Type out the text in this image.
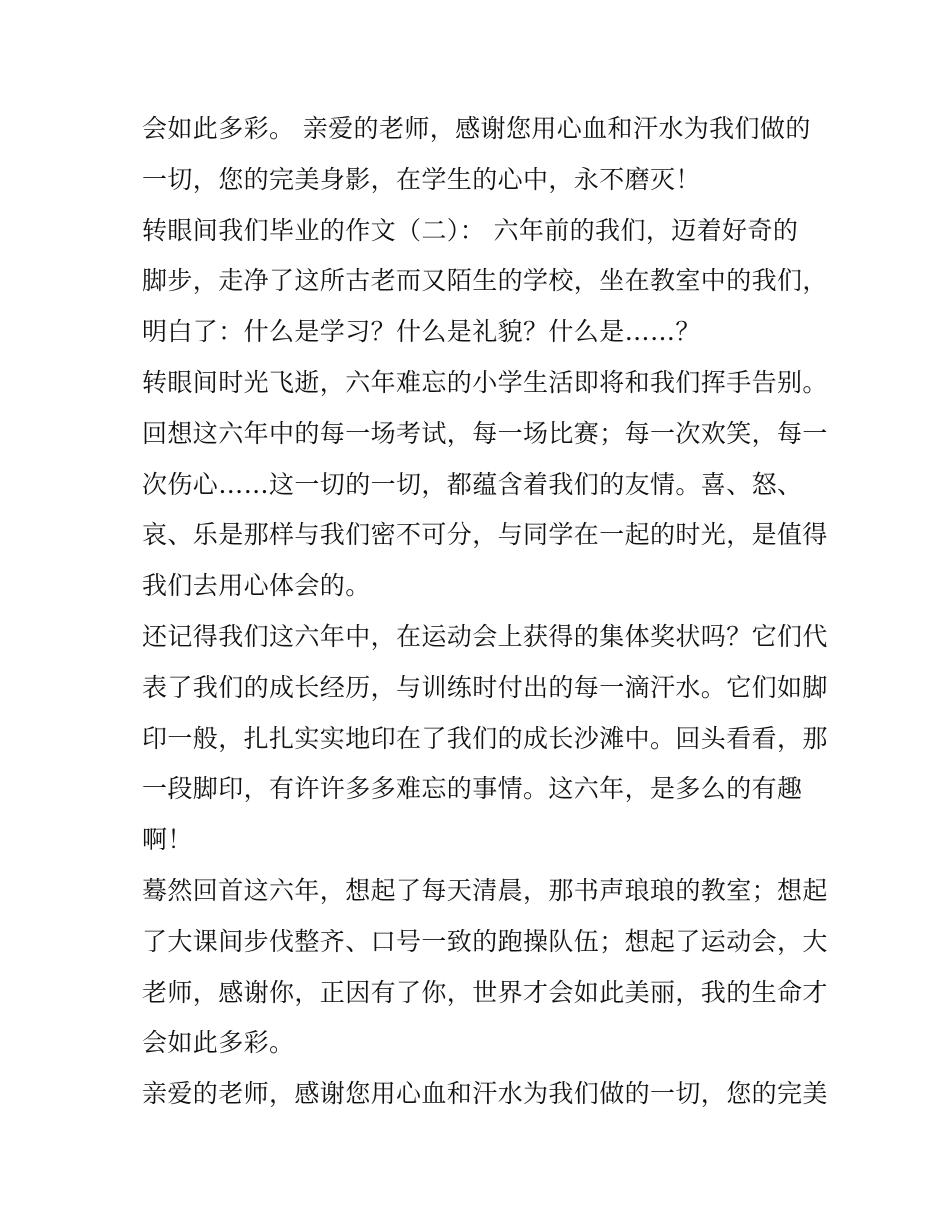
会如此多彩。 亲爱的老师，感谢您用心血和汗水为我们做的
一切，您的完美身影，在学生的心中，永不磨灭！
转眼间我们毕业的作文（二）： 六年前的我们，迈着好奇的
脚步，走净了这所古老而又陌生的学校，坐在教室中的我们，
明白了：什么是学习？什么是礼貌？什么是……？
转眼间时光飞逝，六年难忘的小学生活即将和我们挥手告别。
回想这六年中的每一场考试，每一场比赛；每一次欢笑，每一
次伤心……这一切的一切，都蕴含着我们的友情。喜、怒、
哀、乐是那样与我们密不可分，与同学在一起的时光，是值得
我们去用心体会的。
还记得我们这六年中，在运动会上获得的集体奖状吗？它们代
表了我们的成长经历，与训练时付出的每一滴汗水。它们如脚
印一般，扎扎实实地印在了我们的成长沙滩中。回头看看，那
一段脚印，有许许多多难忘的事情。这六年，是多么的有趣
啊！
蓦然回首这六年，想起了每天清晨，那书声琅琅的教室；想起
了大课间步伐整齐、口号一致的跑操队伍；想起了运动会，大
老师，感谢你，正因有了你，世界才会如此美丽，我的生命才
会如此多彩。
亲爱的老师，感谢您用心血和汗水为我们做的一切，您的完美
